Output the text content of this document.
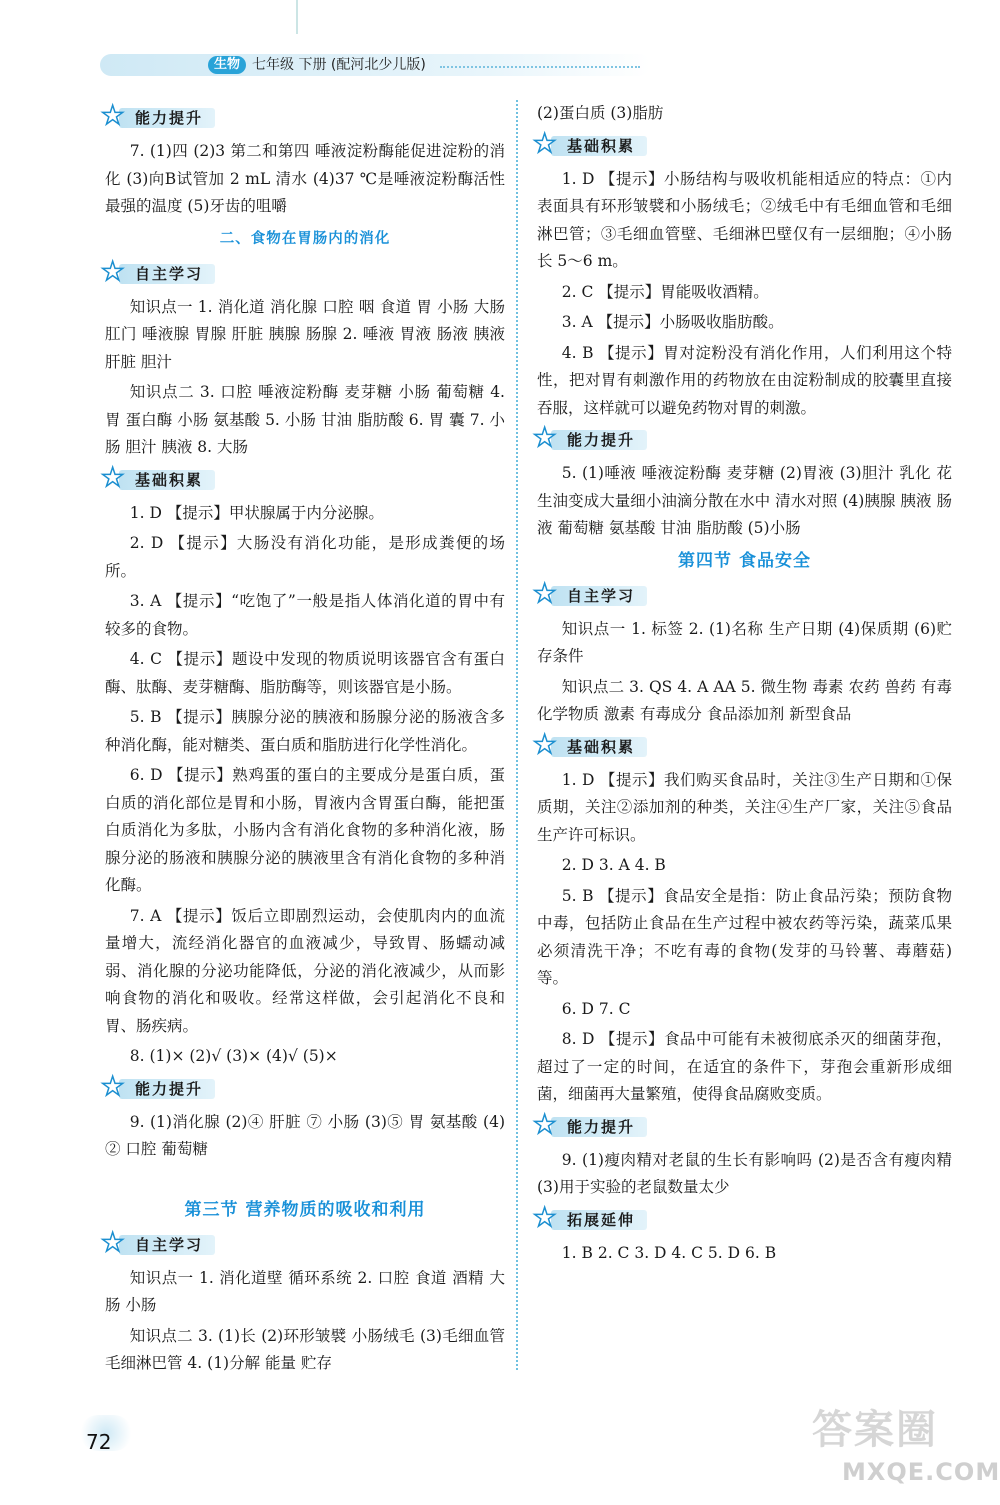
生物 七年级 下册 (配河北少儿版)
★ 能力提升

7. (1)四 (2)3 第二和第四 唾液淀粉酶能促进淀粉的消化 (3)向B试管加 2 mL 清水 (4)37 ℃是唾液淀粉酶活性最强的温度 (5)牙齿的咀嚼

二、食物在胃肠内的消化
★ 自主学习

知识点一 1. 消化道 消化腺 口腔 咽 食道 胃 小肠 大肠 肛门 唾液腺 胃腺 肝脏 胰腺 肠腺 2. 唾液 胃液 肠液 胰液 肝脏 胆汁

知识点二 3. 口腔 唾液淀粉酶 麦芽糖 小肠 葡萄糖 4. 胃 蛋白酶 小肠 氨基酸 5. 小肠 甘油 脂肪酸 6. 胃 囊 7. 小肠 胆汁 胰液 8. 大肠

★ 基础积累

1. D 【提示】甲状腺属于内分泌腺。

2. D 【提示】大肠没有消化功能，是形成粪便的场所。

3. A 【提示】“吃饱了”一般是指人体消化道的胃中有较多的食物。

4. C 【提示】题设中发现的物质说明该器官含有蛋白酶、肽酶、麦芽糖酶、脂肪酶等，则该器官是小肠。

5. B 【提示】胰腺分泌的胰液和肠腺分泌的肠液含多种消化酶，能对糖类、蛋白质和脂肪进行化学性消化。

6. D 【提示】熟鸡蛋的蛋白的主要成分是蛋白质，蛋白质的消化部位是胃和小肠，胃液内含胃蛋白酶，能把蛋白质消化为多肽，小肠内含有消化食物的多种消化液，肠腺分泌的肠液和胰腺分泌的胰液里含有消化食物的多种消化酶。

7. A 【提示】饭后立即剧烈运动，会使肌肉内的血流量增大，流经消化器官的血液减少，导致胃、肠蠕动减弱、消化腺的分泌功能降低，分泌的消化液减少，从而影响食物的消化和吸收。经常这样做，会引起消化不良和胃、肠疾病。

8. (1)× (2)√ (3)× (4)√ (5)×

★ 能力提升

9. (1)消化腺 (2)④ 肝脏 ⑦ 小肠 (3)⑤ 胃 氨基酸 (4)② 口腔 葡萄糖

第三节 营养物质的吸收和利用
★ 自主学习

知识点一 1. 消化道壁 循环系统 2. 口腔 食道 酒精 大肠 小肠

知识点二 3. (1)长 (2)环形皱襞 小肠绒毛 (3)毛细血管 毛细淋巴管 4. (1)分解 能量 贮存

(2)蛋白质 (3)脂肪

★ 基础积累

1. D 【提示】小肠结构与吸收机能相适应的特点：①内表面具有环形皱襞和小肠绒毛；②绒毛中有毛细血管和毛细淋巴管；③毛细血管壁、毛细淋巴壁仅有一层细胞；④小肠长 5～6 m。

2. C 【提示】胃能吸收酒精。

3. A 【提示】小肠吸收脂肪酸。

4. B 【提示】胃对淀粉没有消化作用，人们利用这个特性，把对胃有刺激作用的药物放在由淀粉制成的胶囊里直接吞服，这样就可以避免药物对胃的刺激。

★ 能力提升

5. (1)唾液 唾液淀粉酶 麦芽糖 (2)胃液 (3)胆汁 乳化 花生油变成大量细小油滴分散在水中 清水对照 (4)胰腺 胰液 肠液 葡萄糖 氨基酸 甘油 脂肪酸 (5)小肠

第四节 食品安全
★ 自主学习

知识点一 1. 标签 2. (1)名称 生产日期 (4)保质期 (6)贮存条件

知识点二 3. QS 4. A AA 5. 微生物 毒素 农药 兽药 有毒化学物质 激素 有毒成分 食品添加剂 新型食品

★ 基础积累

1. D 【提示】我们购买食品时，关注③生产日期和①保质期，关注②添加剂的种类，关注④生产厂家，关注⑤食品生产许可标识。

2. D 3. A 4. B

5. B 【提示】食品安全是指：防止食品污染；预防食物中毒，包括防止食品在生产过程中被农药等污染，蔬菜瓜果必须清洗干净；不吃有毒的食物(发芽的马铃薯、毒蘑菇)等。

6. D 7. C

8. D 【提示】食品中可能有未被彻底杀灭的细菌芽孢，超过了一定的时间，在适宜的条件下，芽孢会重新形成细菌，细菌再大量繁殖，使得食品腐败变质。

★ 能力提升

9. (1)瘦肉精对老鼠的生长有影响吗 (2)是否含有瘦肉精 (3)用于实验的老鼠数量太少

★ 拓展延伸

1. B 2. C 3. D 4. C 5. D 6. B

72	答案圈
MXQE.COM
